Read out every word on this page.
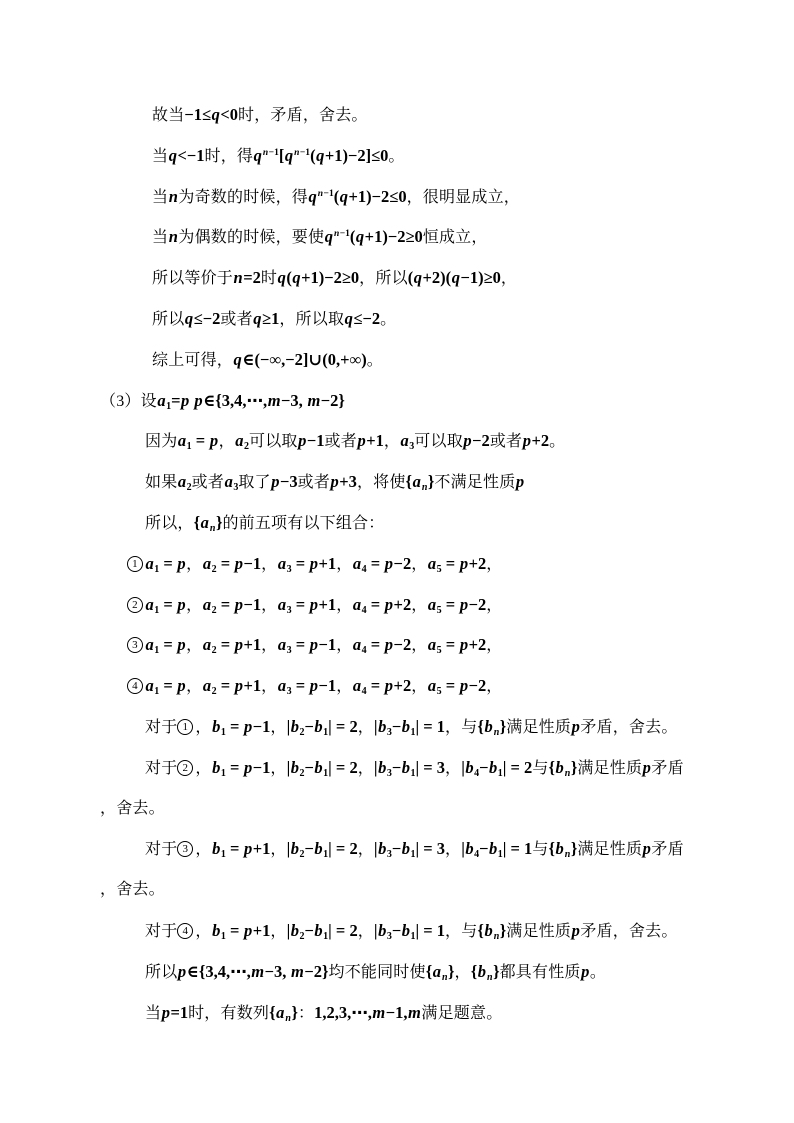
故当−1≤q<0时，矛盾，舍去。
当q<−1时，得$q^{n-1}[q^{n-1}(q+1)-2]\le 0$。
当n为奇数的时候，得$q^{n-1}(q+1)-2\le 0$，很明显成立，
当n为偶数的时候，要使$q^{n-1}(q+1)-2\ge 0$恒成立，
所以等价于n=2时q(q+1)−2≥0，所以(q+2)(q−1)≥0，
所以q≤−2或者q≥1，所以取q≤−2。
综上可得，q∈(−∞,−2]∪(0,+∞)。
（3）设$a_1=p$ p∈{3,4,⋯,m−3, m−2}
因为$a_1 = p$，$a_2$可以取p−1或者p+1，$a_3$可以取p−2或者p+2。
如果$a_2$或者$a_3$取了p−3或者p+3，将使$\{a_n\}$不满足性质p
所以，$\{a_n\}$的前五项有以下组合：
1 $a_1 = p$，$a_2 = p-1$，$a_3 = p+1$，$a_4 = p-2$，$a_5 = p+2$，
2 $a_1 = p$，$a_2 = p-1$，$a_3 = p+1$，$a_4 = p+2$，$a_5 = p-2$，
3 $a_1 = p$，$a_2 = p+1$，$a_3 = p-1$，$a_4 = p-2$，$a_5 = p+2$，
4 $a_1 = p$，$a_2 = p+1$，$a_3 = p-1$，$a_4 = p+2$，$a_5 = p-2$，
对于 1 ，$b_1 = p-1$，$|b_2-b_1| = 2$，$|b_3-b_1| = 1$，与$\{b_n\}$满足性质p矛盾，舍去。
对于 2 ，$b_1 = p-1$，$|b_2-b_1| = 2$，$|b_3-b_1| = 3$，$|b_4-b_1| = 2$与$\{b_n\}$满足性质p矛盾
，舍去。
对于 3 ，$b_1 = p+1$，$|b_2-b_1| = 2$，$|b_3-b_1| = 3$，$|b_4-b_1| = 1$与$\{b_n\}$满足性质p矛盾
，舍去。
对于 4 ，$b_1 = p+1$，$|b_2-b_1| = 2$，$|b_3-b_1| = 1$，与$\{b_n\}$满足性质p矛盾，舍去。
所以p∈{3,4,⋯,m−3, m−2}均不能同时使$\{a_n\}$，$\{b_n\}$都具有性质p。
当p=1时，有数列$\{a_n\}$：1,2,3,⋯,m−1,m满足题意。
